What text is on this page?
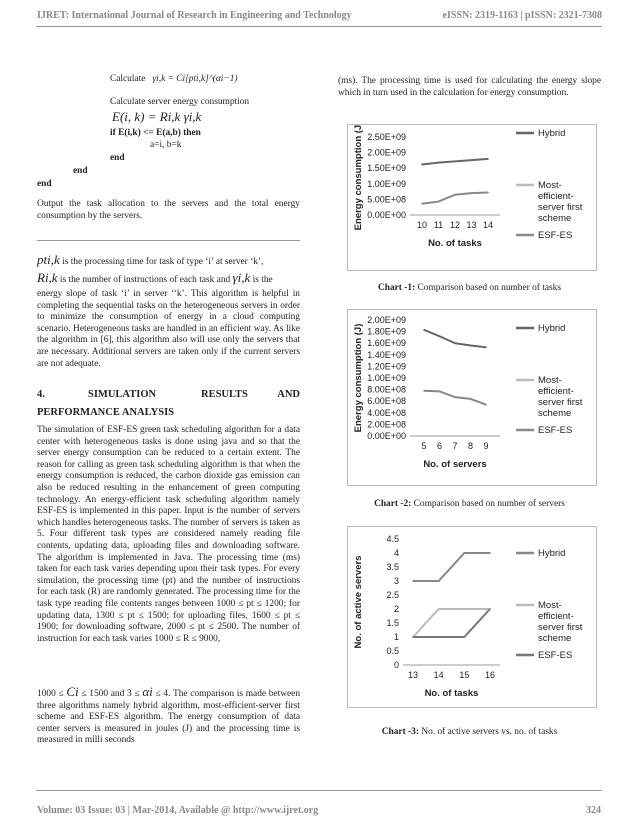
IJRET: International Journal of Research in Engineering and Technology	eISSN: 2319-1163 | pISSN: 2321-7308
Calculate γi,k = Ci[pti,k]^(αi−1)
Calculate server energy consumption
E(i, k) = Ri,k γi,k
if E(i,k) <= E(a,b) then
a=i, b=k
end
end
end
Output the task allocation to the servers and the total energy consumption by the servers.
pti,k is the processing time for task of type ‘i’ at server ‘k’,
Ri,k is the number of instructions of each task and γi,k is the
energy slope of task ‘i’ in server ‘‘k’. This algorithm is helpful in completing the sequential tasks on the heterogeneous servers in order to minimize the consumption of energy in a cloud computing scenario. Heterogeneous tasks are handled in an efficient way. As like the algorithm in [6], this algorithm also will use only the servers that are necessary. Additional servers are taken only if the current servers are not adequate.
4.	SIMULATION	RESULTS	AND
PERFORMANCE ANALYSIS
The simulation of ESF-ES green task scheduling algorithm for a data center with heterogeneous tasks is done using java and so that the server energy consumption can be reduced to a certain extent. The reason for calling as green task scheduling algorithm is that when the energy consumption is reduced, the carbon dioxide gas emission can also be reduced resulting in the enhancement of green computing technology. An energy-efficient task scheduling algorithm namely ESF-ES is implemented in this paper. Input is the number of servers which handles heterogeneous tasks. The number of servers is taken as 5. Four different task types are considered namely reading file contents, updating data, uploading files and downloading software. The algorithm is implemented in Java. The processing time (ms) taken for each task varies depending upon their task types. For every simulation, the processing time (pt) and the number of instructions for each task (R) are randomly generated. The processing time for the task type reading file contents ranges between 1000 ≤ pt ≤ 1200; for updating data, 1300 ≤ pt ≤ 1500; for uploading files, 1600 ≤ pt ≤ 1900; for downloading software, 2000 ≤ pt ≤ 2500. The number of instruction for each task varies 1000 ≤ R ≤ 9000,
1000 ≤ Ci ≤ 1500 and 3 ≤ αi ≤ 4. The comparison is made between three algorithms namely hybrid algorithm, most-efficient-server first scheme and ESF-ES algorithm. The energy consumption of data center servers is measured in joules (J) and the processing time is measured in milli seconds
(ms). The processing time is used for calculating the energy slope which in turn used in the calculation for energy consumption.
0.00E+00
5.00E+08
1.00E+09
1.50E+09
2.00E+09
2.50E+09
10 11 12 13 14
No. of tasks
Energy consumption (J)	Hybrid
Most-
efficient-
server first
scheme
ESF-ES
Chart -1: Comparison based on number of tasks
0.00E+00
2.00E+08
4.00E+08
6.00E+08
8.00E+08
1.00E+09
1.20E+09
1.40E+09
1.60E+09
1.80E+09
2.00E+09
5 6 7 8 9
No. of servers
Energy consumption (J)	Hybrid
Most-
efficient-
server first
scheme
ESF-ES
Chart -2: Comparison based on number of servers
0
0.5
1
1.5
2
2.5
3
3.5
4
4.5
13 14 15 16
No. of tasks
No. of active servers
Hybrid
Most-
efficient-
server first
scheme
ESF-ES
Chart -3: No. of active servers vs. no. of tasks
Volume: 03 Issue: 03 | Mar-2014, Available @ http://www.ijret.org	324
